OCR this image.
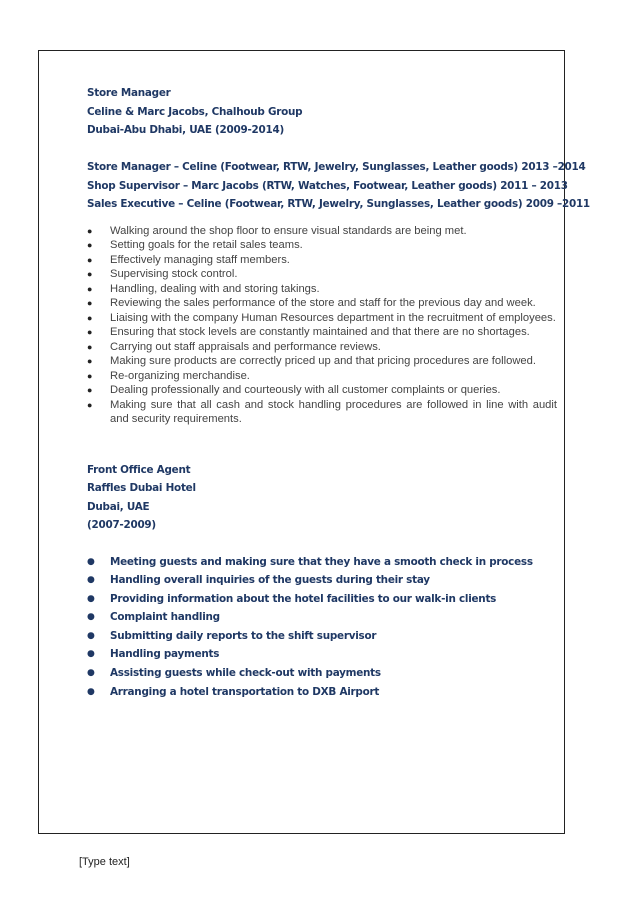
Store Manager

Celine & Marc Jacobs, Chalhoub Group

Dubai-Abu Dhabi, UAE (2009-2014)

Store Manager – Celine (Footwear, RTW, Jewelry, Sunglasses, Leather goods) 2013 –2014

Shop Supervisor – Marc Jacobs (RTW, Watches, Footwear, Leather goods) 2011 – 2013

Sales Executive – Celine (Footwear, RTW, Jewelry, Sunglasses, Leather goods) 2009 –2011

● Walking around the shop floor to ensure visual standards are being met.
● Setting goals for the retail sales teams.
● Effectively managing staff members.
● Supervising stock control.
● Handling, dealing with and storing takings.
● Reviewing the sales performance of the store and staff for the previous day and week.
● Liaising with the company Human Resources department in the recruitment of employees.
● Ensuring that stock levels are constantly maintained and that there are no shortages.
● Carrying out staff appraisals and performance reviews.
● Making sure products are correctly priced up and that pricing procedures are followed.
● Re-organizing merchandise.
● Dealing professionally and courteously with all customer complaints or queries.
● Making sure that all cash and stock handling procedures are followed in line with audit and security requirements.

Front Office Agent

Raffles Dubai Hotel

Dubai, UAE

(2007-2009)

● Meeting guests and making sure that they have a smooth check in process
● Handling overall inquiries of the guests during their stay
● Providing information about the hotel facilities to our walk-in clients
● Complaint handling
● Submitting daily reports to the shift supervisor
● Handling payments
● Assisting guests while check-out with payments
● Arranging a hotel transportation to DXB Airport
[Type text]
